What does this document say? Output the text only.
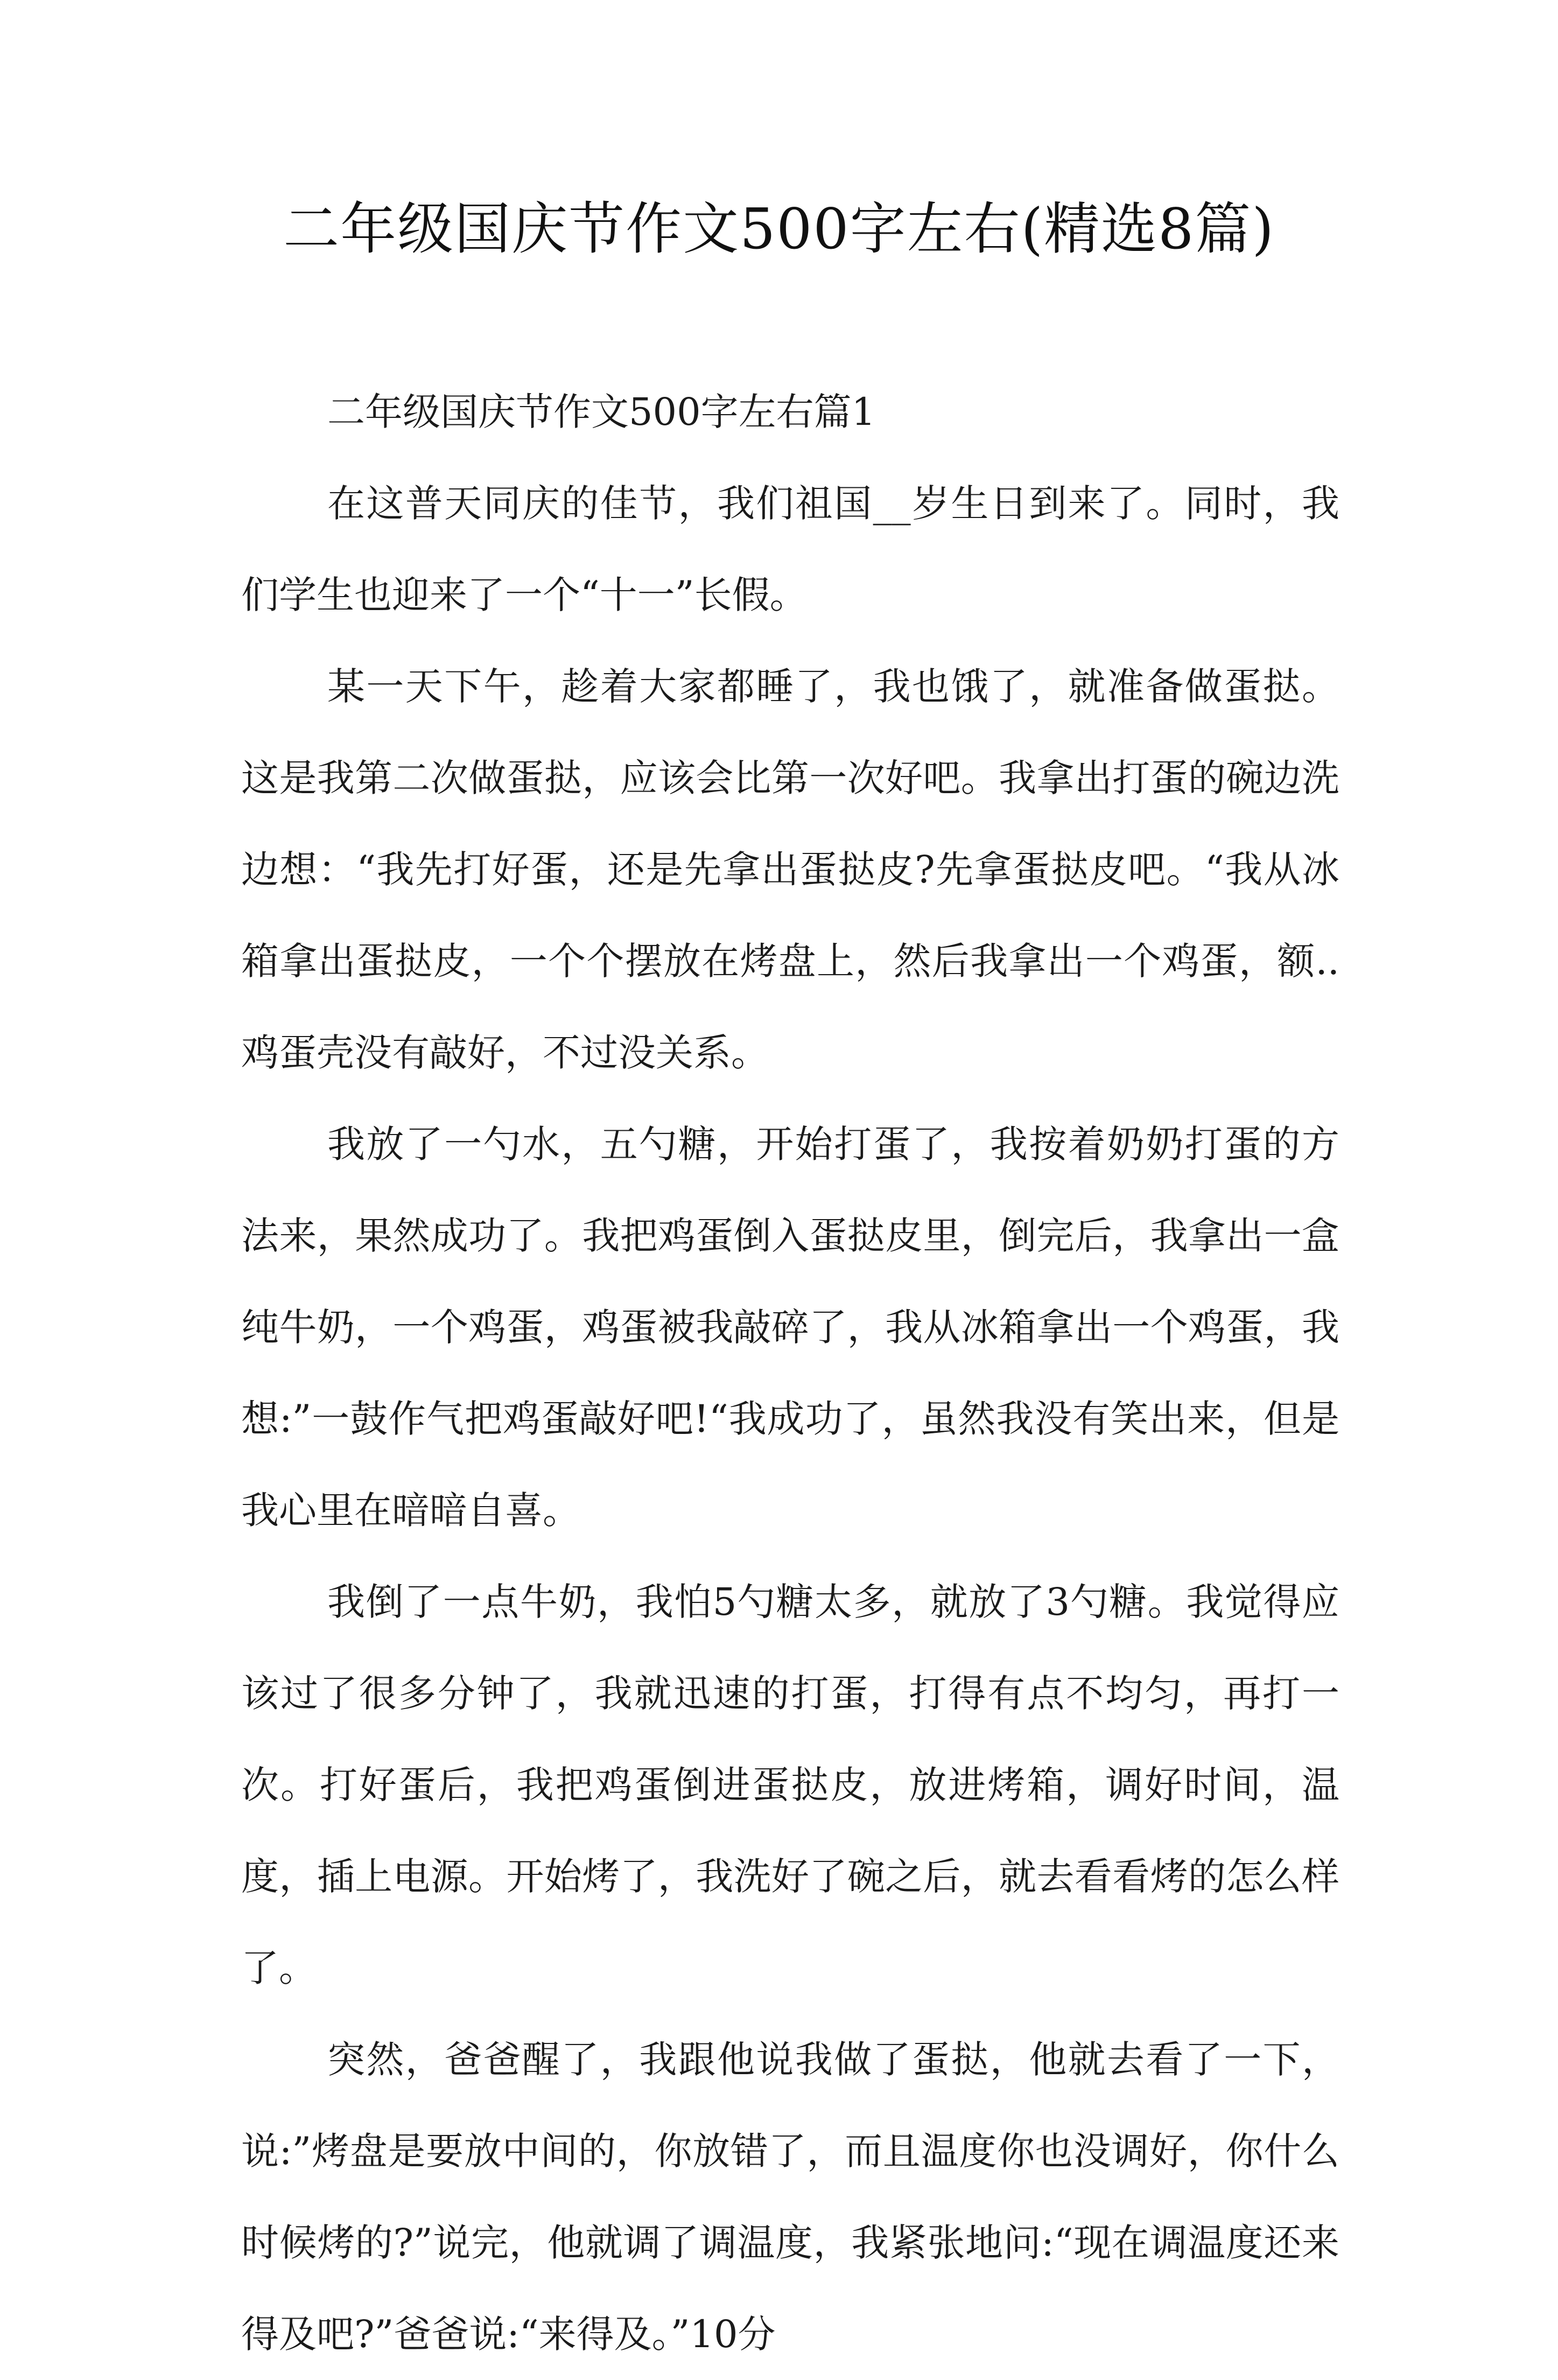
二年级国庆节作文500字左右(精选8篇)

二年级国庆节作文500字左右篇1

在这普天同庆的佳节，我们祖国__岁生日到来了。同时，我们学生也迎来了一个“十一”长假。

某一天下午，趁着大家都睡了，我也饿了，就准备做蛋挞。这是我第二次做蛋挞，应该会比第一次好吧。我拿出打蛋的碗边洗边想：“我先打好蛋，还是先拿出蛋挞皮?先拿蛋挞皮吧。“我从冰箱拿出蛋挞皮，一个个摆放在烤盘上，然后我拿出一个鸡蛋，额..鸡蛋壳没有敲好，不过没关系。

我放了一勺水，五勺糖，开始打蛋了，我按着奶奶打蛋的方法来，果然成功了。我把鸡蛋倒入蛋挞皮里，倒完后，我拿出一盒纯牛奶，一个鸡蛋，鸡蛋被我敲碎了，我从冰箱拿出一个鸡蛋，我想:”一鼓作气把鸡蛋敲好吧!“我成功了，虽然我没有笑出来，但是我心里在暗暗自喜。

我倒了一点牛奶，我怕5勺糖太多，就放了3勺糖。我觉得应该过了很多分钟了，我就迅速的打蛋，打得有点不均匀，再打一次。打好蛋后，我把鸡蛋倒进蛋挞皮，放进烤箱，调好时间，温度，插上电源。开始烤了，我洗好了碗之后，就去看看烤的怎么样了。

突然，爸爸醒了，我跟他说我做了蛋挞，他就去看了一下，说:”烤盘是要放中间的，你放错了，而且温度你也没调好，你什么时候烤的?”说完，他就调了调温度，我紧张地问:“现在调温度还来得及吧?”爸爸说:“来得及。”10分
